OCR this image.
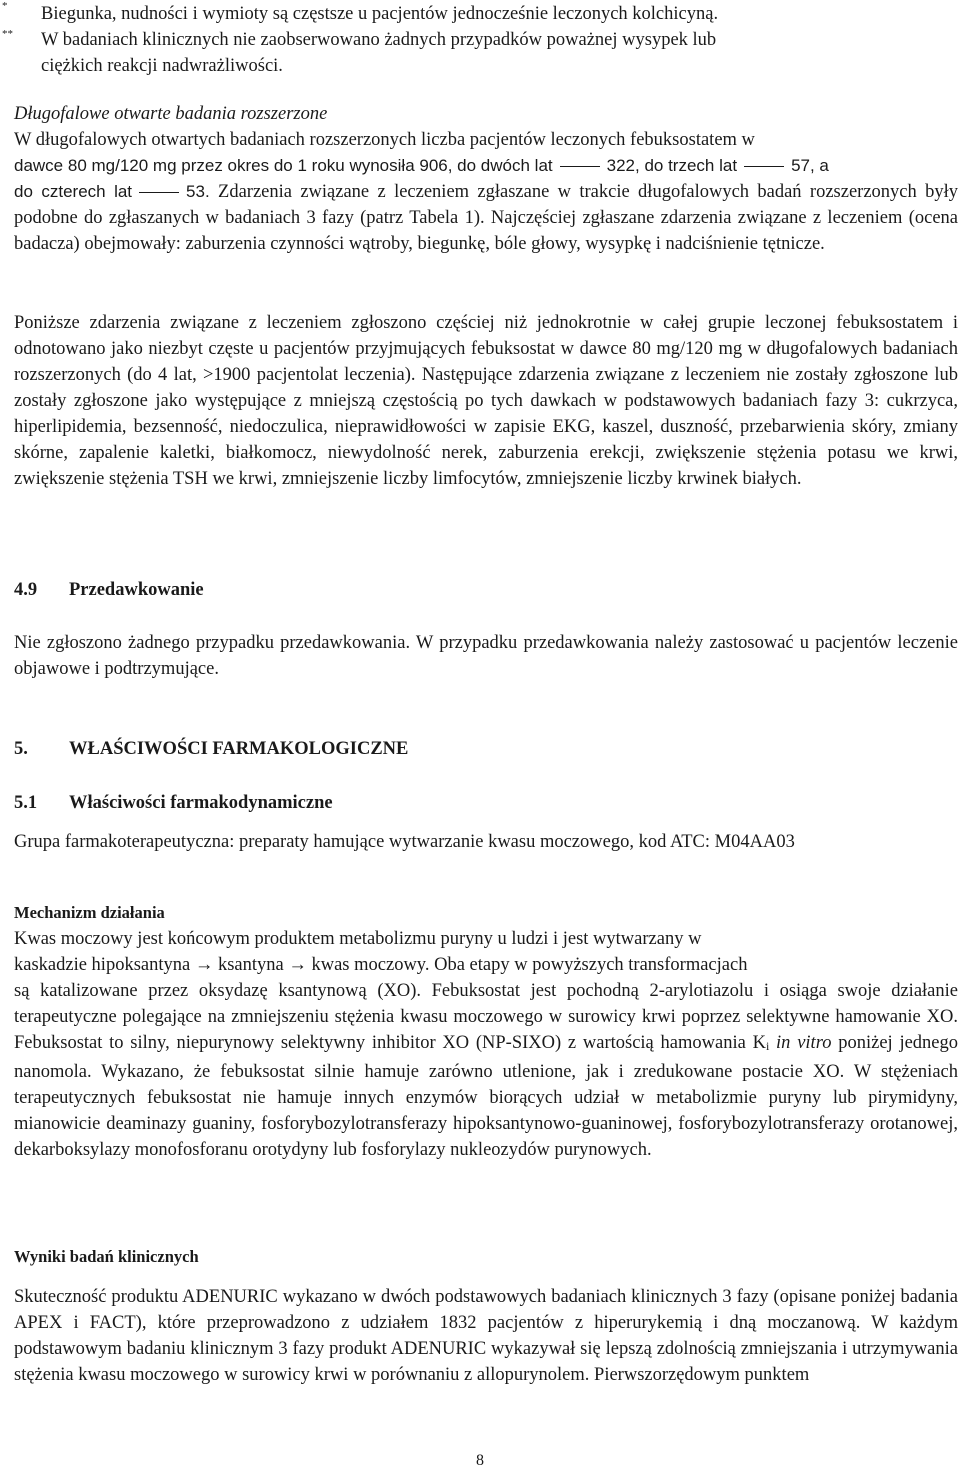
* Biegunka, nudności i wymioty są częstsze u pacjentów jednocześnie leczonych kolchicyną.
** W badaniach klinicznych nie zaobserwowano żadnych przypadków poważnej wysypek lub
ciężkich reakcji nadwrażliwości.
Długofalowe otwarte badania rozszerzone
W długofalowych otwartych badaniach rozszerzonych liczba pacjentów leczonych febuksostatem w
dawce 80 mg/120 mg przez okres do 1 roku wynosiła 906, do dwóch lat	322, do trzech lat	57, a

do czterech lat	53. Zdarzenia związane z leczeniem zgłaszane w trakcie długofalowych badań rozszerzonych były podobne do zgłaszanych w badaniach 3 fazy (patrz Tabela 1). Najczęściej zgłaszane zdarzenia związane z leczeniem (ocena badacza) obejmowały: zaburzenia czynności wątroby, biegunkę, bóle głowy, wysypkę i nadciśnienie tętnicze.

Poniższe zdarzenia związane z leczeniem zgłoszono częściej niż jednokrotnie w całej grupie leczonej febuksostatem i odnotowano jako niezbyt częste u pacjentów przyjmujących febuksostat w dawce 80 mg/120 mg w długofalowych badaniach rozszerzonych (do 4 lat, >1900 pacjentolat leczenia). Następujące zdarzenia związane z leczeniem nie zostały zgłoszone lub zostały zgłoszone jako występujące z mniejszą częstością po tych dawkach w podstawowych badaniach fazy 3: cukrzyca, hiperlipidemia, bezsenność, niedoczulica, nieprawidłowości w zapisie EKG, kaszel, duszność, przebarwienia skóry, zmiany skórne, zapalenie kaletki, białkomocz, niewydolność nerek, zaburzenia erekcji, zwiększenie stężenia potasu we krwi, zwiększenie stężenia TSH we krwi, zmniejszenie liczby limfocytów, zmniejszenie liczby krwinek białych.

4.9 Przedawkowanie

Nie zgłoszono żadnego przypadku przedawkowania. W przypadku przedawkowania należy zastosować u pacjentów leczenie objawowe i podtrzymujące.

5. WŁAŚCIWOŚCI FARMAKOLOGICZNE
5.1 Właściwości farmakodynamiczne

Grupa farmakoterapeutyczna: preparaty hamujące wytwarzanie kwasu moczowego, kod ATC: M04AA03

Mechanizm działania
Kwas moczowy jest końcowym produktem metabolizmu puryny u ludzi i jest wytwarzany w
kaskadzie hipoksantyna → ksantyna → kwas moczowy. Oba etapy w powyższych transformacjach

są katalizowane przez oksydazę ksantynową (XO). Febuksostat jest pochodną 2-arylotiazolu i osiąga swoje działanie terapeutyczne polegające na zmniejszeniu stężenia kwasu moczowego w surowicy krwi poprzez selektywne hamowanie XO. Febuksostat to silny, niepurynowy selektywny inhibitor XO (NP-SIXO) z wartością hamowania Ki in vitro poniżej jednego nanomola. Wykazano, że febuksostat silnie hamuje zarówno utlenione, jak i zredukowane postacie XO. W stężeniach terapeutycznych febuksostat nie hamuje innych enzymów biorących udział w metabolizmie puryny lub pirymidyny, mianowicie deaminazy guaniny, fosforybozylotransferazy hipoksantynowo-guaninowej, fosforybozylotransferazy orotanowej, dekarboksylazy monofosforanu orotydyny lub fosforylazy nukleozydów purynowych.

Wyniki badań klinicznych

Skuteczność produktu ADENURIC wykazano w dwóch podstawowych badaniach klinicznych 3 fazy (opisane poniżej badania APEX i FACT), które przeprowadzono z udziałem 1832 pacjentów z hiperurykemią i dną moczanową. W każdym podstawowym badaniu klinicznym 3 fazy produkt ADENURIC wykazywał się lepszą zdolnością zmniejszania i utrzymywania stężenia kwasu moczowego w surowicy krwi w porównaniu z allopurynolem. Pierwszorzędowym punktem

8
